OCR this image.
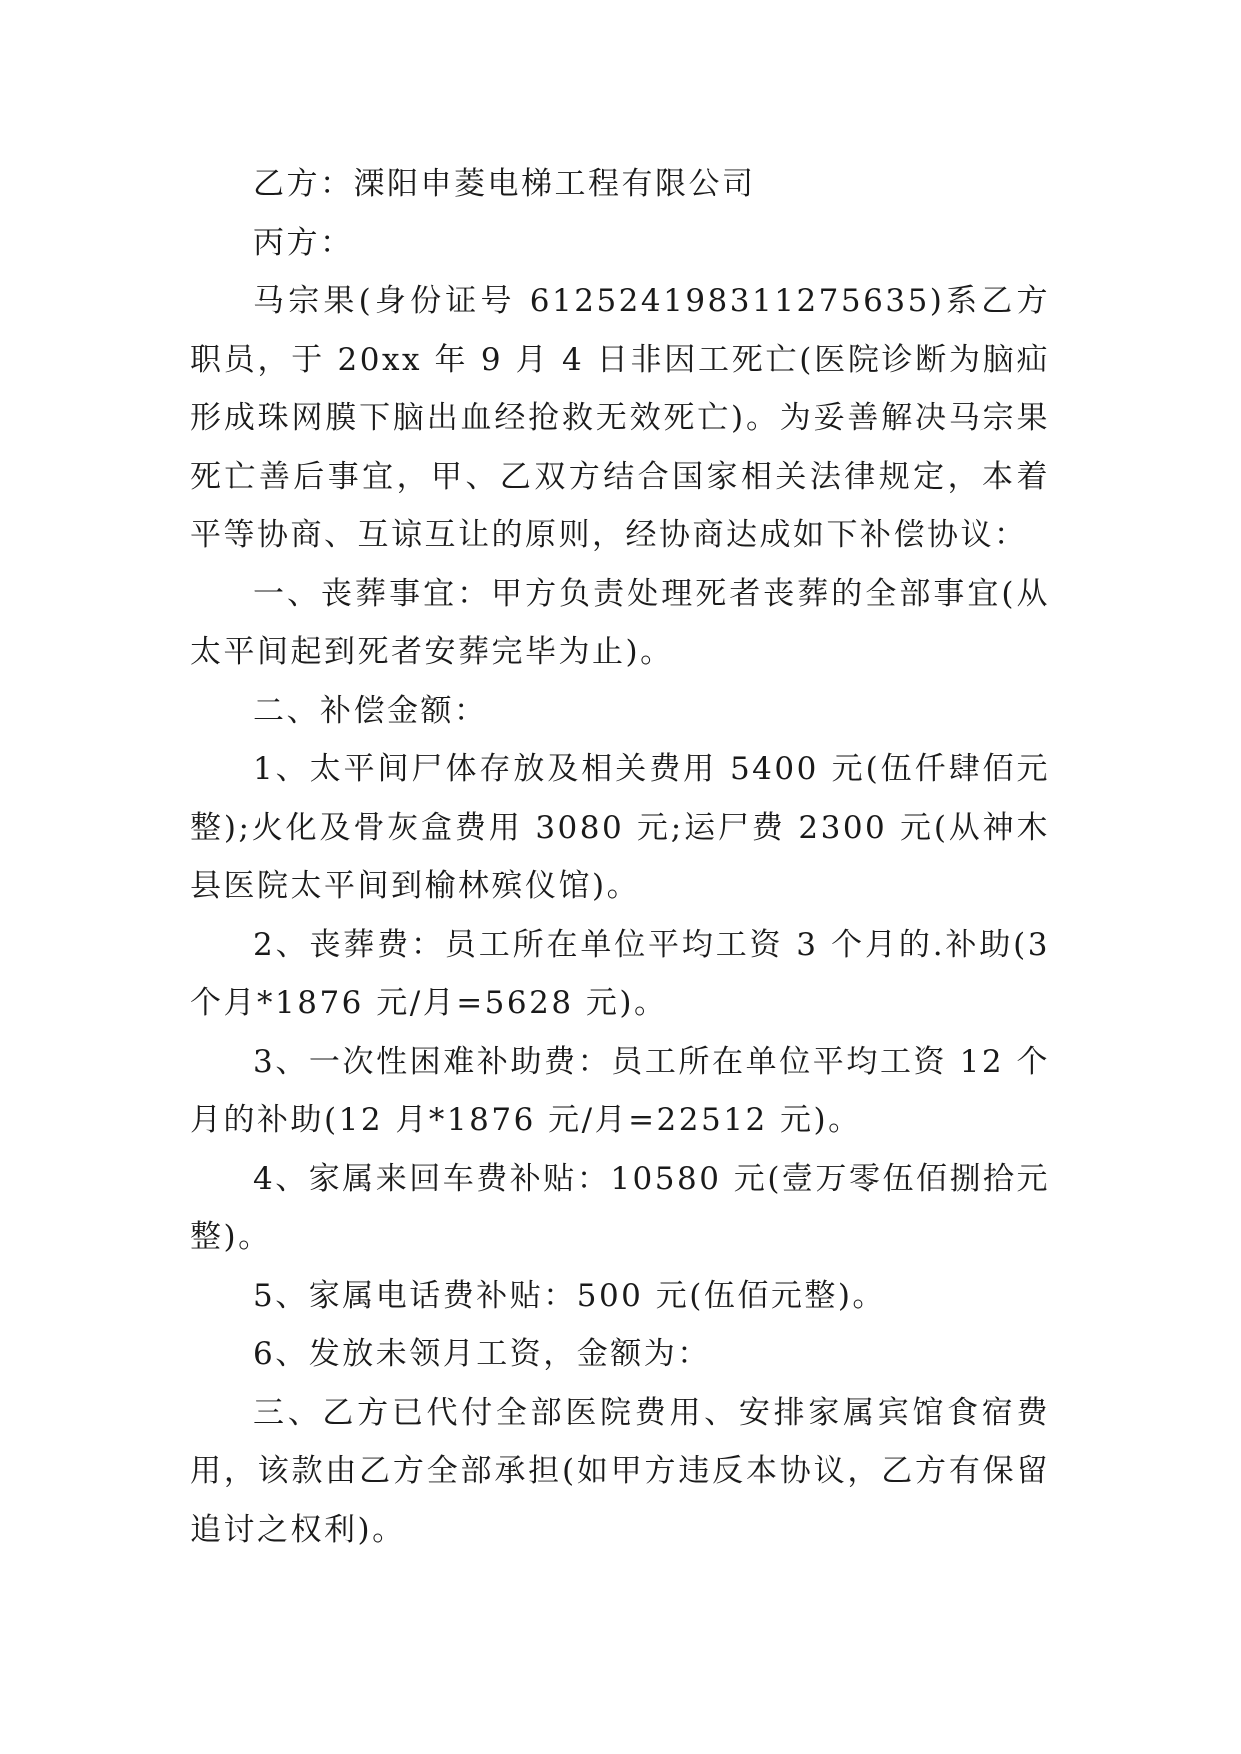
乙方：溧阳申菱电梯工程有限公司

丙方：

马宗果(身份证号 612524198311275635)系乙方职员，于 20xx 年 9 月 4 日非因工死亡(医院诊断为脑疝形成珠网膜下脑出血经抢救无效死亡)。为妥善解决马宗果死亡善后事宜，甲、乙双方结合国家相关法律规定，本着平等协商、互谅互让的原则，经协商达成如下补偿协议：

一、丧葬事宜：甲方负责处理死者丧葬的全部事宜(从太平间起到死者安葬完毕为止)。

二、补偿金额：

1、太平间尸体存放及相关费用 5400 元(伍仟肆佰元整);火化及骨灰盒费用 3080 元;运尸费 2300 元(从神木县医院太平间到榆林殡仪馆)。

2、丧葬费：员工所在单位平均工资 3 个月的.补助(3 个月*1876 元/月=5628 元)。

3、一次性困难补助费：员工所在单位平均工资 12 个月的补助(12 月*1876 元/月=22512 元)。

4、家属来回车费补贴：10580 元(壹万零伍佰捌拾元整)。

5、家属电话费补贴：500 元(伍佰元整)。

6、发放未领月工资，金额为：

三、乙方已代付全部医院费用、安排家属宾馆食宿费用，该款由乙方全部承担(如甲方违反本协议，乙方有保留追讨之权利)。
